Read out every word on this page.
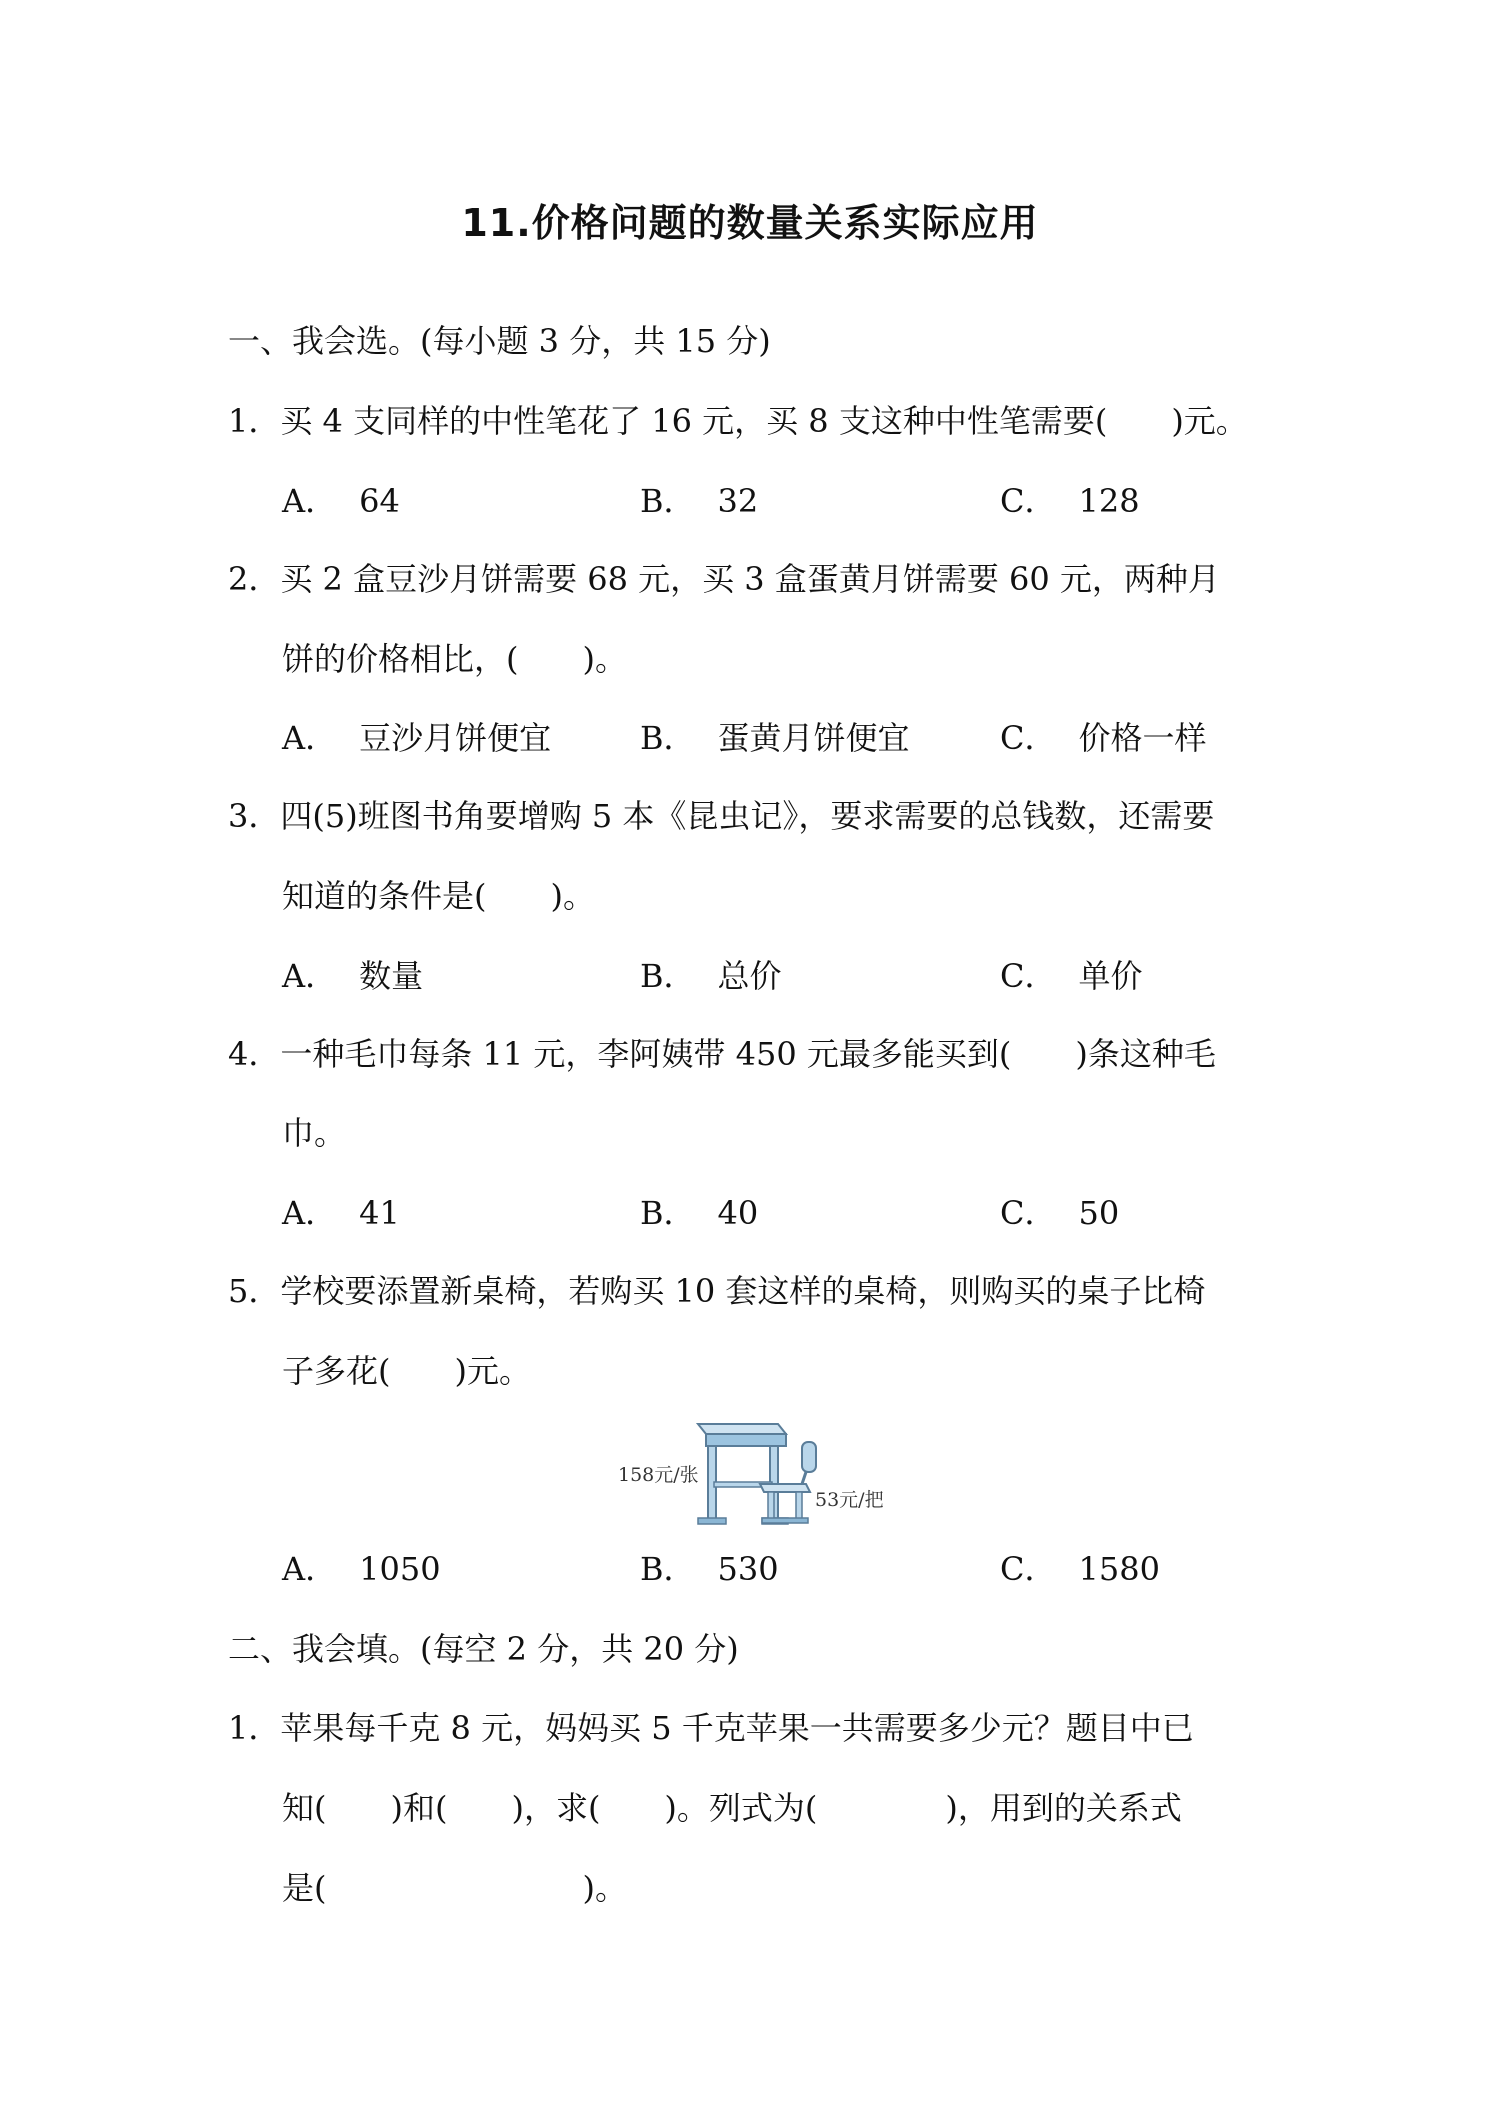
11.价格问题的数量关系实际应用
一、我会选。(每小题 3 分，共 15 分)
1．买 4 支同样的中性笔花了 16 元，买 8 支这种中性笔需要(　　)元。
A． 64	B． 32	C． 128
2．买 2 盒豆沙月饼需要 68 元，买 3 盒蛋黄月饼需要 60 元，两种月
饼的价格相比，(　　)。
A． 豆沙月饼便宜	B． 蛋黄月饼便宜	C． 价格一样
3．四(5)班图书角要增购 5 本《昆虫记》，要求需要的总钱数，还需要
知道的条件是(　　)。
A． 数量	B． 总价	C． 单价
4．一种毛巾每条 11 元，李阿姨带 450 元最多能买到(　　)条这种毛
巾。
A． 41	B． 40	C． 50
5．学校要添置新桌椅，若购买 10 套这样的桌椅，则购买的桌子比椅
子多花(　　)元。
158元/张
53元/把
A． 1050	B． 530	C． 1580
二、我会填。(每空 2 分，共 20 分)
1．苹果每千克 8 元，妈妈买 5 千克苹果一共需要多少元？题目中已
知(　　)和(　　)，求(　　)。列式为(　　　　)，用到的关系式
是(　　　　　　　　)。
